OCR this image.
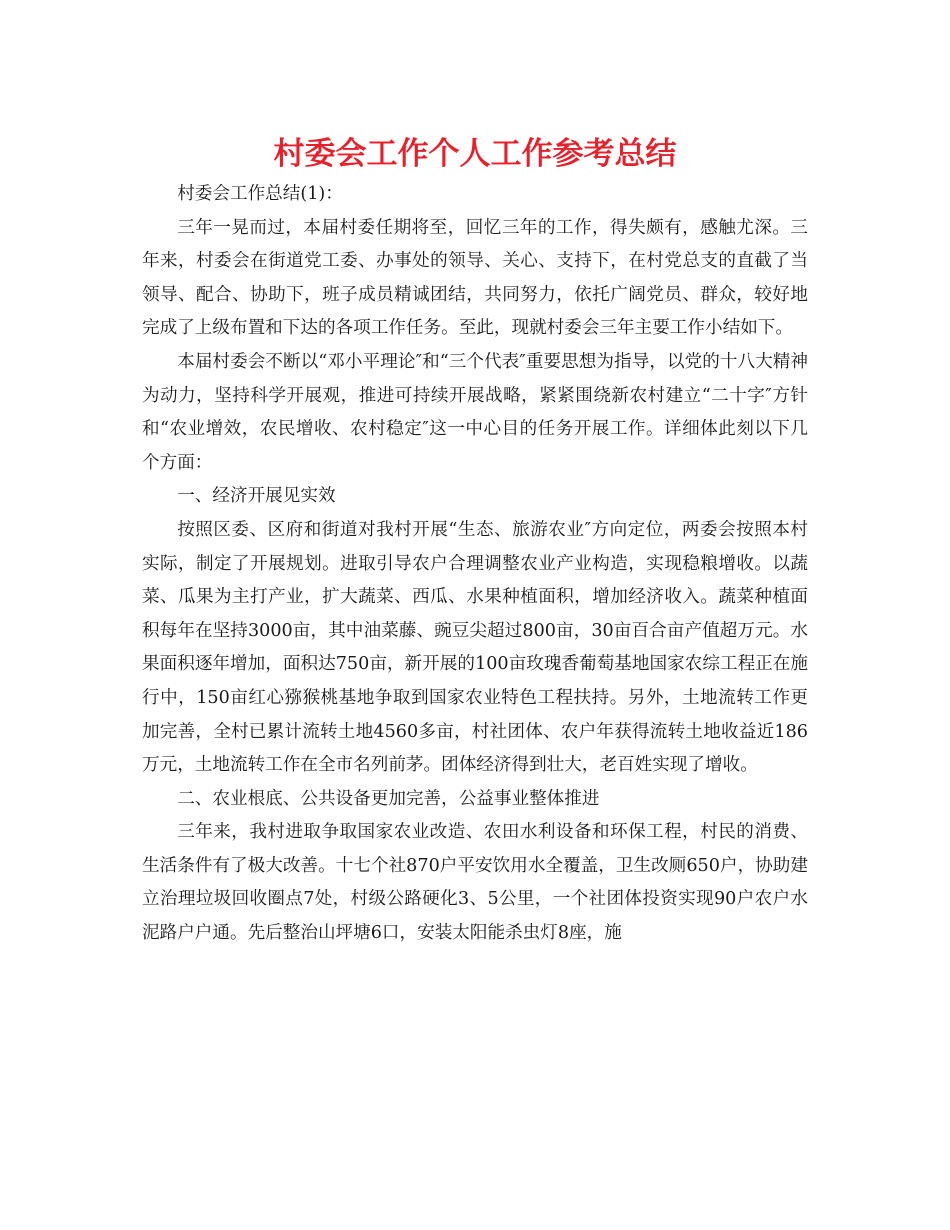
村委会工作个人工作参考总结

村委会工作总结(1)：

三年一晃而过，本届村委任期将至，回忆三年的工作，得失颇有，感触尤深。三年来，村委会在街道党工委、办事处的领导、关心、支持下，在村党总支的直截了当领导、配合、协助下，班子成员精诚团结，共同努力，依托广阔党员、群众，较好地完成了上级布置和下达的各项工作任务。至此，现就村委会三年主要工作小结如下。

本届村委会不断以“邓小平理论″和“三个代表″重要思想为指导，以党的十八大精神为动力，坚持科学开展观，推进可持续开展战略，紧紧围绕新农村建立“二十字″方针和“农业增效，农民增收、农村稳定″这一中心目的任务开展工作。详细体此刻以下几个方面：

一、经济开展见实效

按照区委、区府和街道对我村开展“生态、旅游农业″方向定位，两委会按照本村实际，制定了开展规划。进取引导农户合理调整农业产业构造，实现稳粮增收。以蔬菜、瓜果为主打产业，扩大蔬菜、西瓜、水果种植面积，增加经济收入。蔬菜种植面积每年在坚持3000亩，其中油菜藤、豌豆尖超过800亩，30亩百合亩产值超万元。水果面积逐年增加，面积达750亩，新开展的100亩玫瑰香葡萄基地国家农综工程正在施行中，150亩红心猕猴桃基地争取到国家农业特色工程扶持。另外，土地流转工作更加完善，全村已累计流转土地4560多亩，村社团体、农户年获得流转土地收益近186万元，土地流转工作在全市名列前茅。团体经济得到壮大，老百姓实现了增收。

二、农业根底、公共设备更加完善，公益事业整体推进

三年来，我村进取争取国家农业改造、农田水利设备和环保工程，村民的消费、生活条件有了极大改善。十七个社870户平安饮用水全覆盖，卫生改厕650户，协助建立治理垃圾回收圈点7处，村级公路硬化3、5公里，一个社团体投资实现90户农户水泥路户户通。先后整治山坪塘6口，安装太阳能杀虫灯8座，施
